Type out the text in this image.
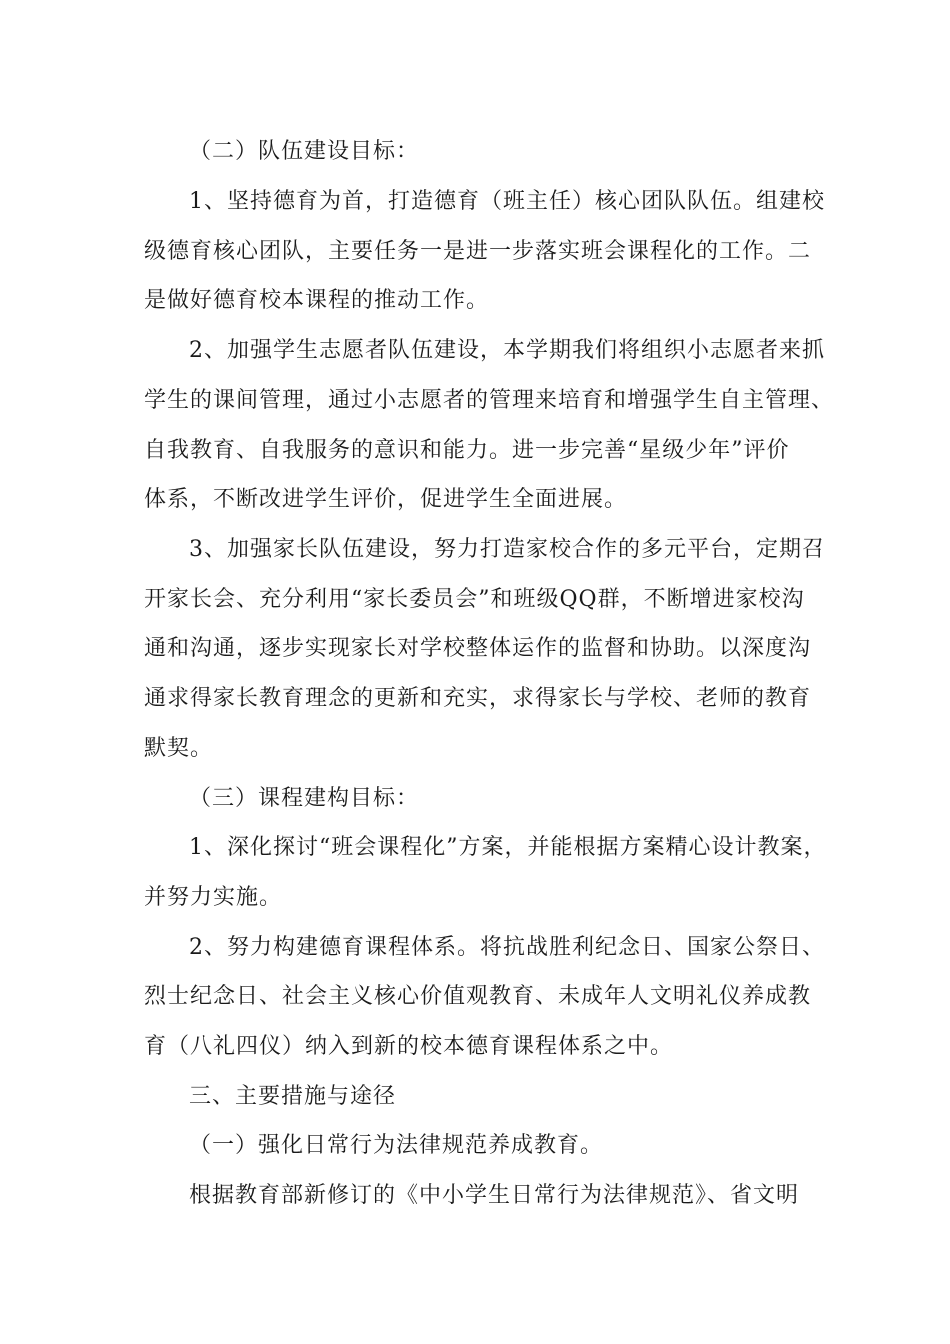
（二）队伍建设目标：
1、坚持德育为首，打造德育（班主任）核心团队队伍。组建校
级德育核心团队，主要任务一是进一步落实班会课程化的工作。二
是做好德育校本课程的推动工作。
2、加强学生志愿者队伍建设，本学期我们将组织小志愿者来抓
学生的课间管理，通过小志愿者的管理来培育和增强学生自主管理、
自我教育、自我服务的意识和能力。进一步完善“星级少年”评价
体系，不断改进学生评价，促进学生全面进展。
3、加强家长队伍建设，努力打造家校合作的多元平台，定期召
开家长会、充分利用“家长委员会”和班级QQ群，不断增进家校沟
通和沟通，逐步实现家长对学校整体运作的监督和协助。以深度沟
通求得家长教育理念的更新和充实，求得家长与学校、老师的教育
默契。
（三）课程建构目标：
1、深化探讨“班会课程化”方案，并能根据方案精心设计教案，
并努力实施。
2、努力构建德育课程体系。将抗战胜利纪念日、国家公祭日、
烈士纪念日、社会主义核心价值观教育、未成年人文明礼仪养成教
育（八礼四仪）纳入到新的校本德育课程体系之中。
三、主要措施与途径
（一）强化日常行为法律规范养成教育。
根据教育部新修订的《中小学生日常行为法律规范》、省文明
